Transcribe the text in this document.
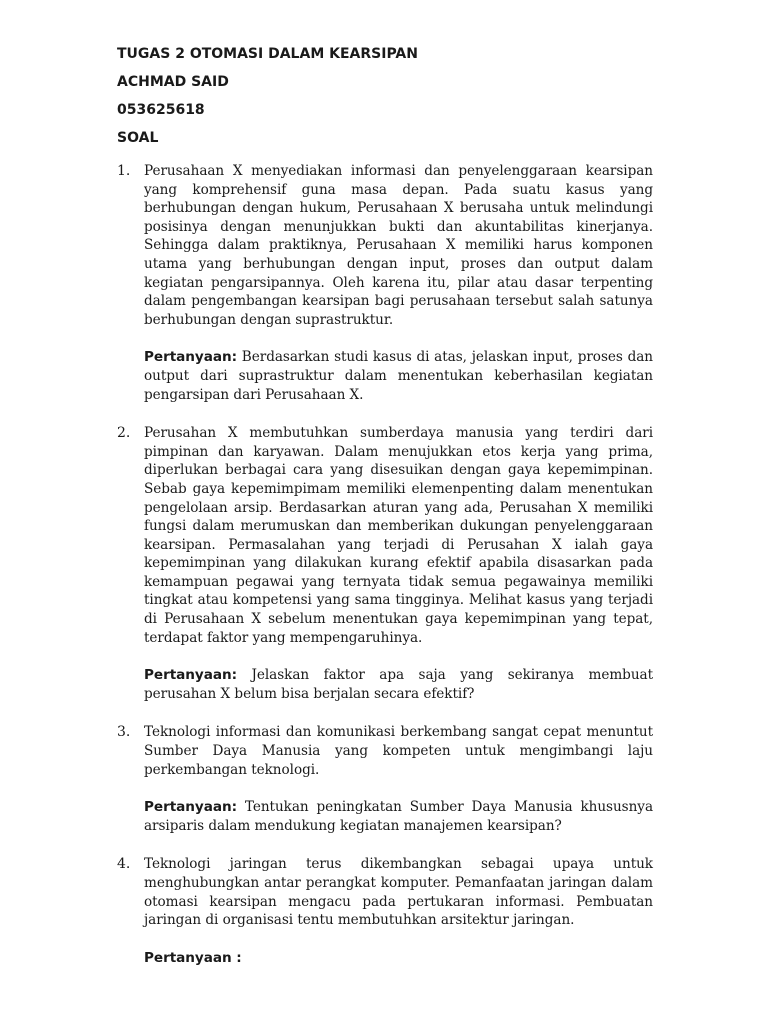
TUGAS 2 OTOMASI DALAM KEARSIPAN

ACHMAD SAID

053625618

SOAL

1.	Perusahaan X menyediakan informasi dan penyelenggaraan kearsipan yang komprehensif guna masa depan. Pada suatu kasus yang berhubungan dengan hukum, Perusahaan X berusaha untuk melindungi posisinya dengan menunjukkan bukti dan akuntabilitas kinerjanya. Sehingga dalam praktiknya, Perusahaan X memiliki harus komponen utama yang berhubungan dengan input, proses dan output dalam kegiatan pengarsipannya. Oleh karena itu, pilar atau dasar terpenting dalam pengembangan kearsipan bagi perusahaan tersebut salah satunya berhubungan dengan suprastruktur.

Pertanyaan: Berdasarkan studi kasus di atas, jelaskan input, proses dan output dari suprastruktur dalam menentukan keberhasilan kegiatan pengarsipan dari Perusahaan X.

2.	Perusahan X membutuhkan sumberdaya manusia yang terdiri dari pimpinan dan karyawan. Dalam menujukkan etos kerja yang prima, diperlukan berbagai cara yang disesuikan dengan gaya kepemimpinan. Sebab gaya kepemimpimam memiliki elemenpenting dalam menentukan pengelolaan arsip. Berdasarkan aturan yang ada, Perusahan X memiliki fungsi dalam merumuskan dan memberikan dukungan penyelenggaraan kearsipan. Permasalahan yang terjadi di Perusahan X ialah gaya kepemimpinan yang dilakukan kurang efektif apabila disasarkan pada kemampuan pegawai yang ternyata tidak semua pegawainya memiliki tingkat atau kompetensi yang sama tingginya. Melihat kasus yang terjadi di Perusahaan X sebelum menentukan gaya kepemimpinan yang tepat, terdapat faktor yang mempengaruhinya.

Pertanyaan: Jelaskan faktor apa saja yang sekiranya membuat perusahan X belum bisa berjalan secara efektif?

3.	Teknologi informasi dan komunikasi berkembang sangat cepat menuntut Sumber Daya Manusia yang kompeten untuk mengimbangi laju perkembangan teknologi.

Pertanyaan: Tentukan peningkatan Sumber Daya Manusia khususnya arsiparis dalam mendukung kegiatan manajemen kearsipan?

4.	Teknologi jaringan terus dikembangkan sebagai upaya untuk menghubungkan antar perangkat komputer. Pemanfaatan jaringan dalam otomasi kearsipan mengacu pada pertukaran informasi. Pembuatan jaringan di organisasi tentu membutuhkan arsitektur jaringan.

Pertanyaan :
